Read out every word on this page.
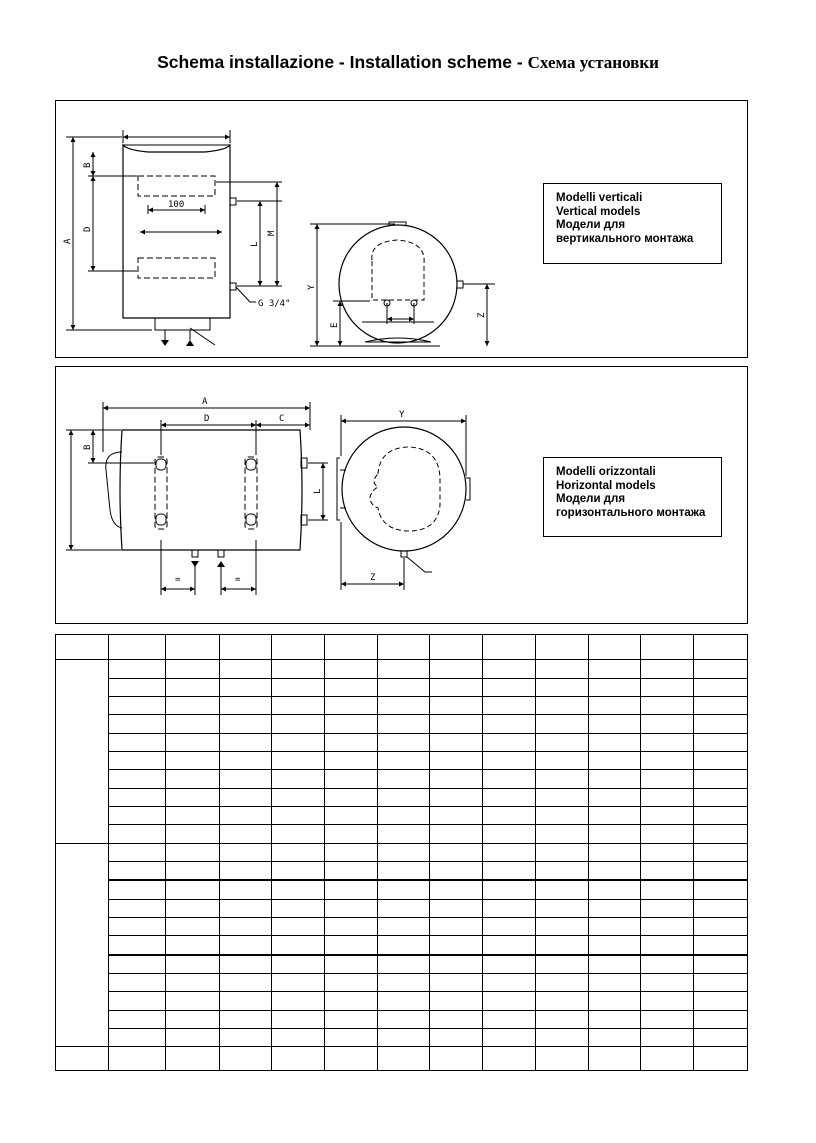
Schema installazione - Installation scheme - Схема установки
B
D
A
L
M
100
G 3/4"
Y
E
Z
A
D	C
B
L
=	=
Y
Z
Modelli verticali
Vertical models
Модели для
вертикального монтажа
Modelli orizzontali
Horizontal models
Модели для
горизонтального монтажа
